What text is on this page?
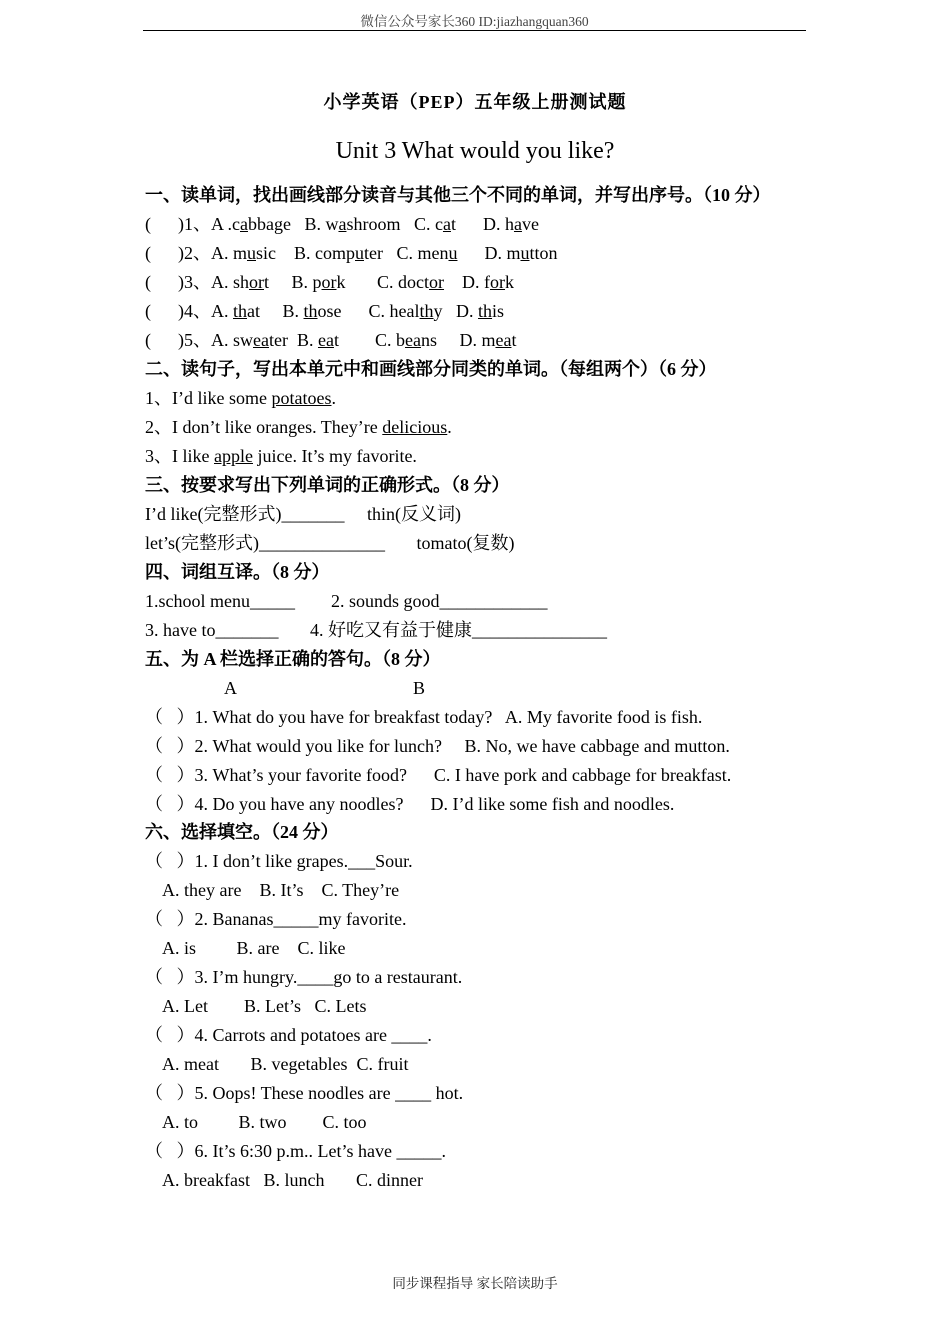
微信公众号家长360 ID:jiazhangquan360
小学英语（PEP）五年级上册测试题
Unit 3 What would you like?
一、读单词，找出画线部分读音与其他三个不同的单词，并写出序号。（10 分）
(      )1、A .cabbage   B. washroom   C. cat      D. have
(      )2、A. music    B. computer   C. menu      D. mutton
(      )3、A. short     B. pork       C. doctor    D. fork
(      )4、A. that     B. those      C. healthy   D. this
(      )5、A. sweater  B. eat        C. beans     D. meat
二、读句子，写出本单元中和画线部分同类的单词。（每组两个）（6 分）
1、I’d like some potatoes.
2、I don’t like oranges. They’re delicious.
3、I like apple juice. It’s my favorite.
三、按要求写出下列单词的正确形式。（8 分）
I’d like(完整形式)_______     thin(反义词)
let’s(完整形式)______________       tomato(复数)
四、词组互译。（8 分）
1.school menu_____        2. sounds good____________
3. have to_______       4. 好吃又有益于健康_______________
五、为 A 栏选择正确的答句。（8 分）
A	B
（   ）1. What do you have for breakfast today?   A. My favorite food is fish.
（   ）2. What would you like for lunch?     B. No, we have cabbage and mutton.
（   ）3. What’s your favorite food?      C. I have pork and cabbage for breakfast.
（   ）4. Do you have any noodles?      D. I’d like some fish and noodles.
六、选择填空。（24 分）
（   ）1. I don’t like grapes.___Sour.
A. they are    B. It’s    C. They’re
（   ）2. Bananas_____my favorite.
A. is         B. are    C. like
（   ）3. I’m hungry.____go to a restaurant.
A. Let        B. Let’s   C. Lets
（   ）4. Carrots and potatoes are ____.
A. meat       B. vegetables  C. fruit
（   ）5. Oops! These noodles are ____ hot.
A. to         B. two        C. too
（   ）6. It’s 6:30 p.m.. Let’s have _____.
A. breakfast   B. lunch       C. dinner
同步课程指导 家长陪读助手
